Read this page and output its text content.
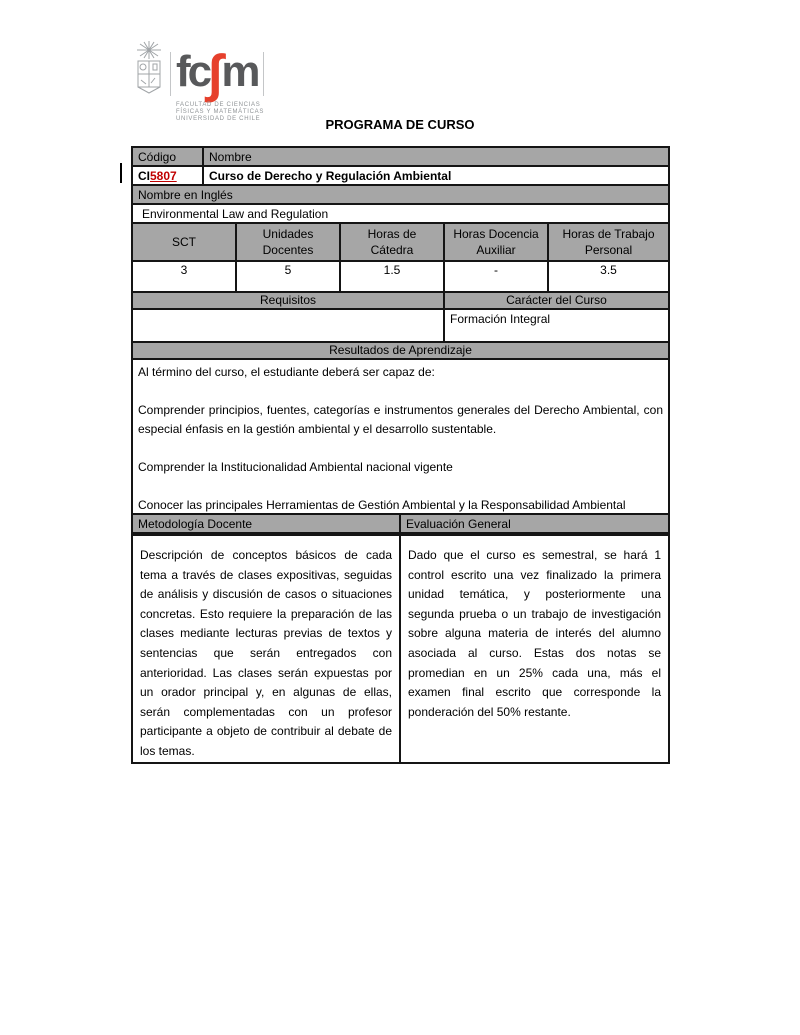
fc∫m
FACULTAD DE CIENCIAS
FÍSICAS Y MATEMÁTICAS
UNIVERSIDAD DE CHILE	PROGRAMA DE CURSO
Código	Nombre
CI5807	Curso de Derecho y Regulación Ambiental
Nombre en Inglés	
Environmental Law and Regulation	
SCT	Unidades Docentes	Horas de Cátedra	Horas Docencia Auxiliar	Horas de Trabajo Personal
3	5	1.5	-	3.5
Requisitos			Carácter del Curso	
			Formación Integral	
Resultados de Aprendizaje

Al término del curso, el estudiante deberá ser capaz de:

Comprender principios, fuentes, categorías e instrumentos generales del Derecho Ambiental, con especial énfasis en la gestión ambiental y el desarrollo sustentable.

Comprender la Institucionalidad Ambiental nacional vigente

Conocer las principales Herramientas de Gestión Ambiental y la Responsabilidad Ambiental

Metodología Docente	Evaluación General

Descripción de conceptos básicos de cada tema a través de clases expositivas, seguidas de análisis y discusión de casos o situaciones concretas. Esto requiere la preparación de las clases mediante lecturas previas de textos y sentencias que serán entregados con anterioridad. Las clases serán expuestas por un orador principal y, en algunas de ellas, serán complementadas con un profesor participante a objeto de contribuir al debate de los temas.

Dado que el curso es semestral, se hará 1 control escrito una vez finalizado la primera unidad temática, y posteriormente una segunda prueba o un trabajo de investigación sobre alguna materia de interés del alumno asociada al curso. Estas dos notas se promedian en un 25% cada una, más el examen final escrito que corresponde la ponderación del 50% restante.
